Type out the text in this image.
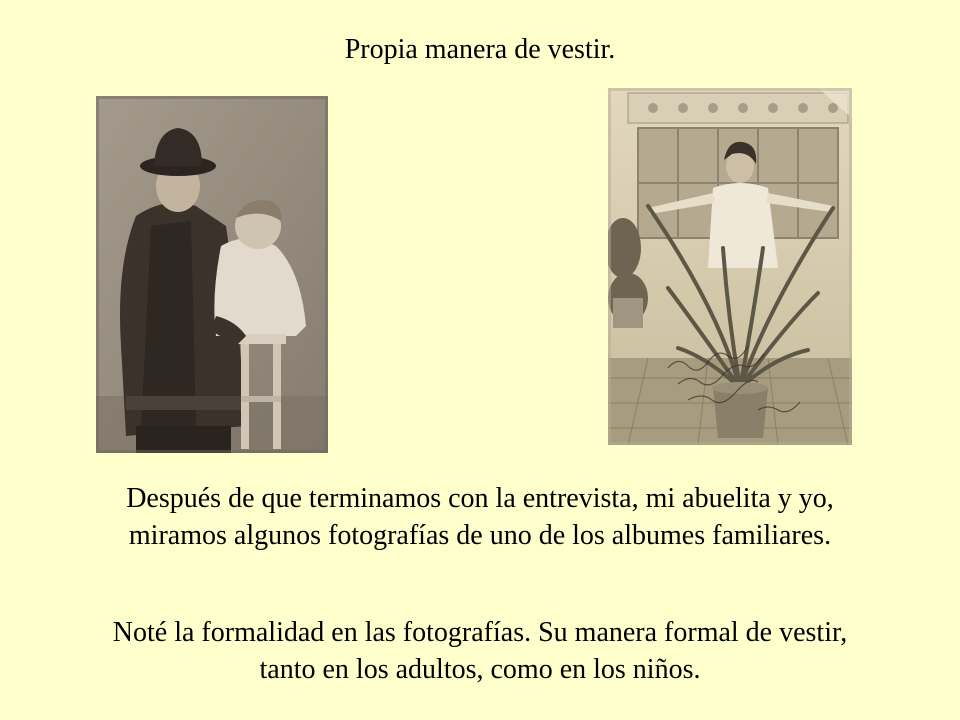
Propia manera de vestir.

Después de que terminamos con la entrevista, mi abuelita y yo, miramos algunos fotografías de uno de los albumes familiares.

Noté la formalidad en las fotografías. Su manera formal de vestir, tanto en los adultos, como en los niños.
